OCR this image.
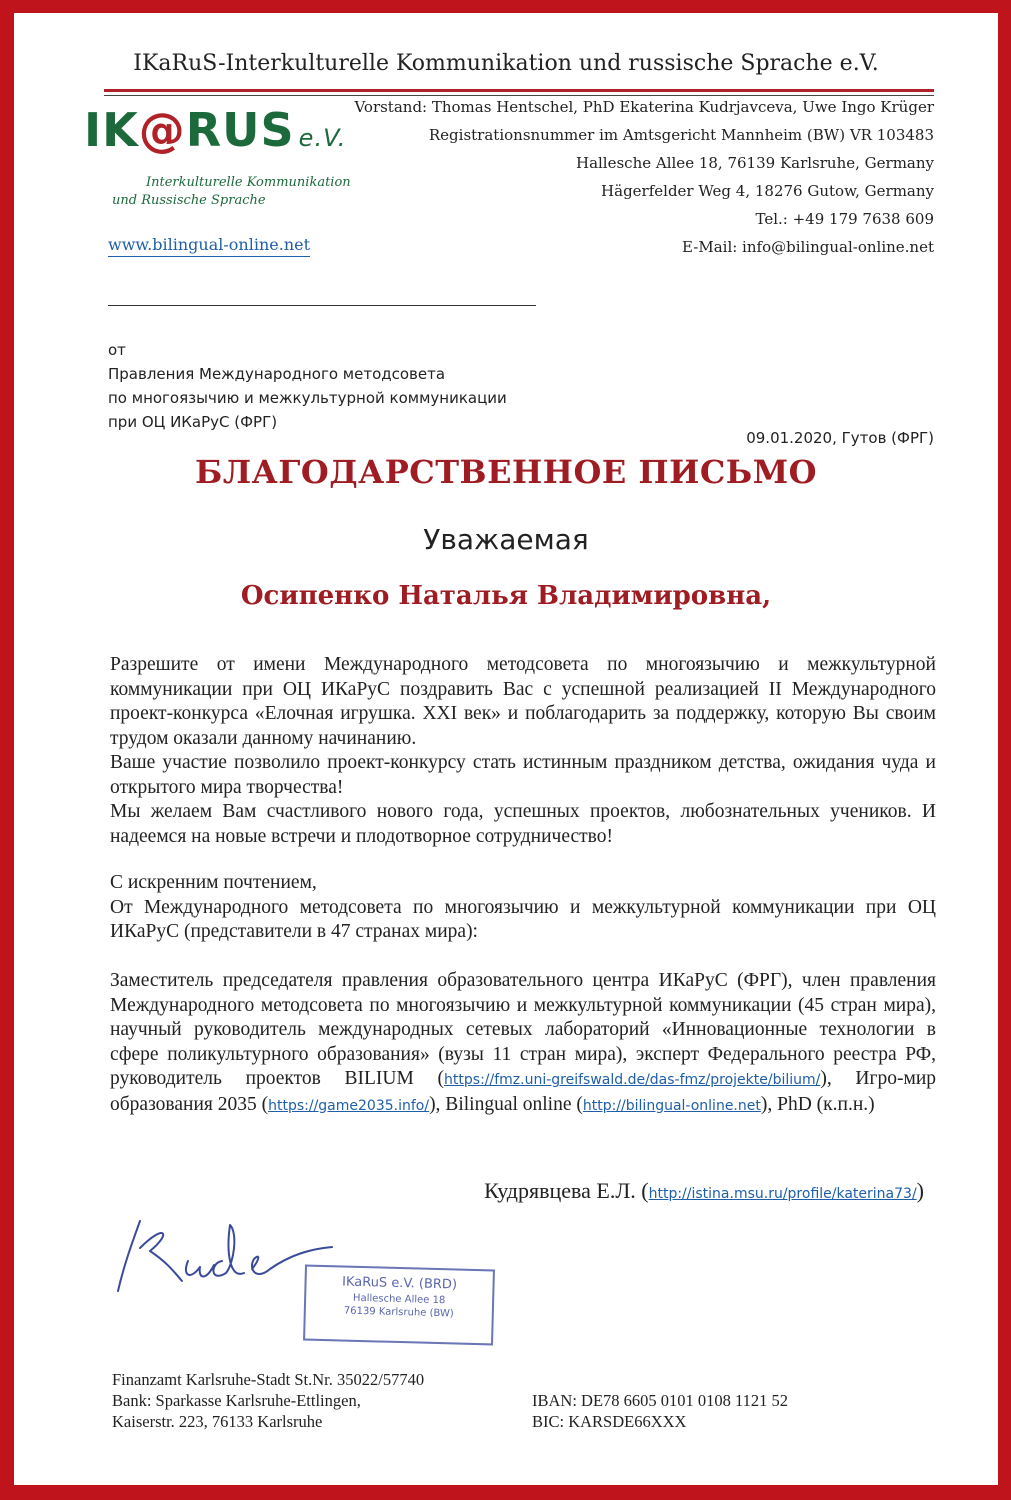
IKaRuS-Interkulturelle Kommunikation und russische Sprache e.V.
IK@RUS e.V.
Interkulturelle Kommunikation
und Russische Sprache
www.bilingual-online.net
Vorstand: Thomas Hentschel, PhD Ekaterina Kudrjavceva, Uwe Ingo Krüger
Registrationsnummer im Amtsgericht Mannheim (BW) VR 103483
Hallesche Allee 18, 76139 Karlsruhe, Germany
Hägerfelder Weg 4, 18276 Gutow, Germany
Tel.: +49 179 7638 609
E-Mail: info@bilingual-online.net
от
Правления Международного методсовета
по многоязычию и межкультурной коммуникации
при ОЦ ИКаРуС (ФРГ)
09.01.2020, Гутов (ФРГ)
БЛАГОДАРСТВЕННОЕ ПИСЬМО
Уважаемая
Осипенко Наталья Владимировна,

Разрешите от имени Международного методсовета по многоязычию и межкультурной коммуникации при ОЦ ИКаРуС поздравить Вас с успешной реализацией II Международного проект-конкурса «Елочная игрушка. XXI век» и поблагодарить за поддержку, которую Вы своим трудом оказали данному начинанию.

Ваше участие позволило проект-конкурсу стать истинным праздником детства, ожидания чуда и открытого мира творчества!

Мы желаем Вам счастливого нового года, успешных проектов, любознательных учеников. И надеемся на новые встречи и плодотворное сотрудничество!

С искренним почтением,

От Международного методсовета по многоязычию и межкультурной коммуникации при ОЦ ИКаРуС (представители в 47 странах мира):

Заместитель председателя правления образовательного центра ИКаРуС (ФРГ), член правления Международного методсовета по многоязычию и межкультурной коммуникации (45 стран мира), научный руководитель международных сетевых лабораторий «Инновационные технологии в сфере поликультурного образования» (вузы 11 стран мира), эксперт Федерального реестра РФ, руководитель проектов BILIUM (https://fmz.uni-greifswald.de/das-fmz/projekte/bilium/), Игро-мир образования 2035 (https://game2035.info/), Bilingual online (http://bilingual-online.net), PhD (к.п.н.)

Кудрявцева Е.Л. (http://istina.msu.ru/profile/katerina73/)
IKaRuS e.V. (BRD)
Hallesche Allee 18
76139 Karlsruhe (BW)
Finanzamt Karlsruhe-Stadt St.Nr. 35022/57740
Bank: Sparkasse Karlsruhe-Ettlingen,
Kaiserstr. 223, 76133 Karlsruhe
IBAN: DE78 6605 0101 0108 1121 52
BIC: KARSDE66XXX
